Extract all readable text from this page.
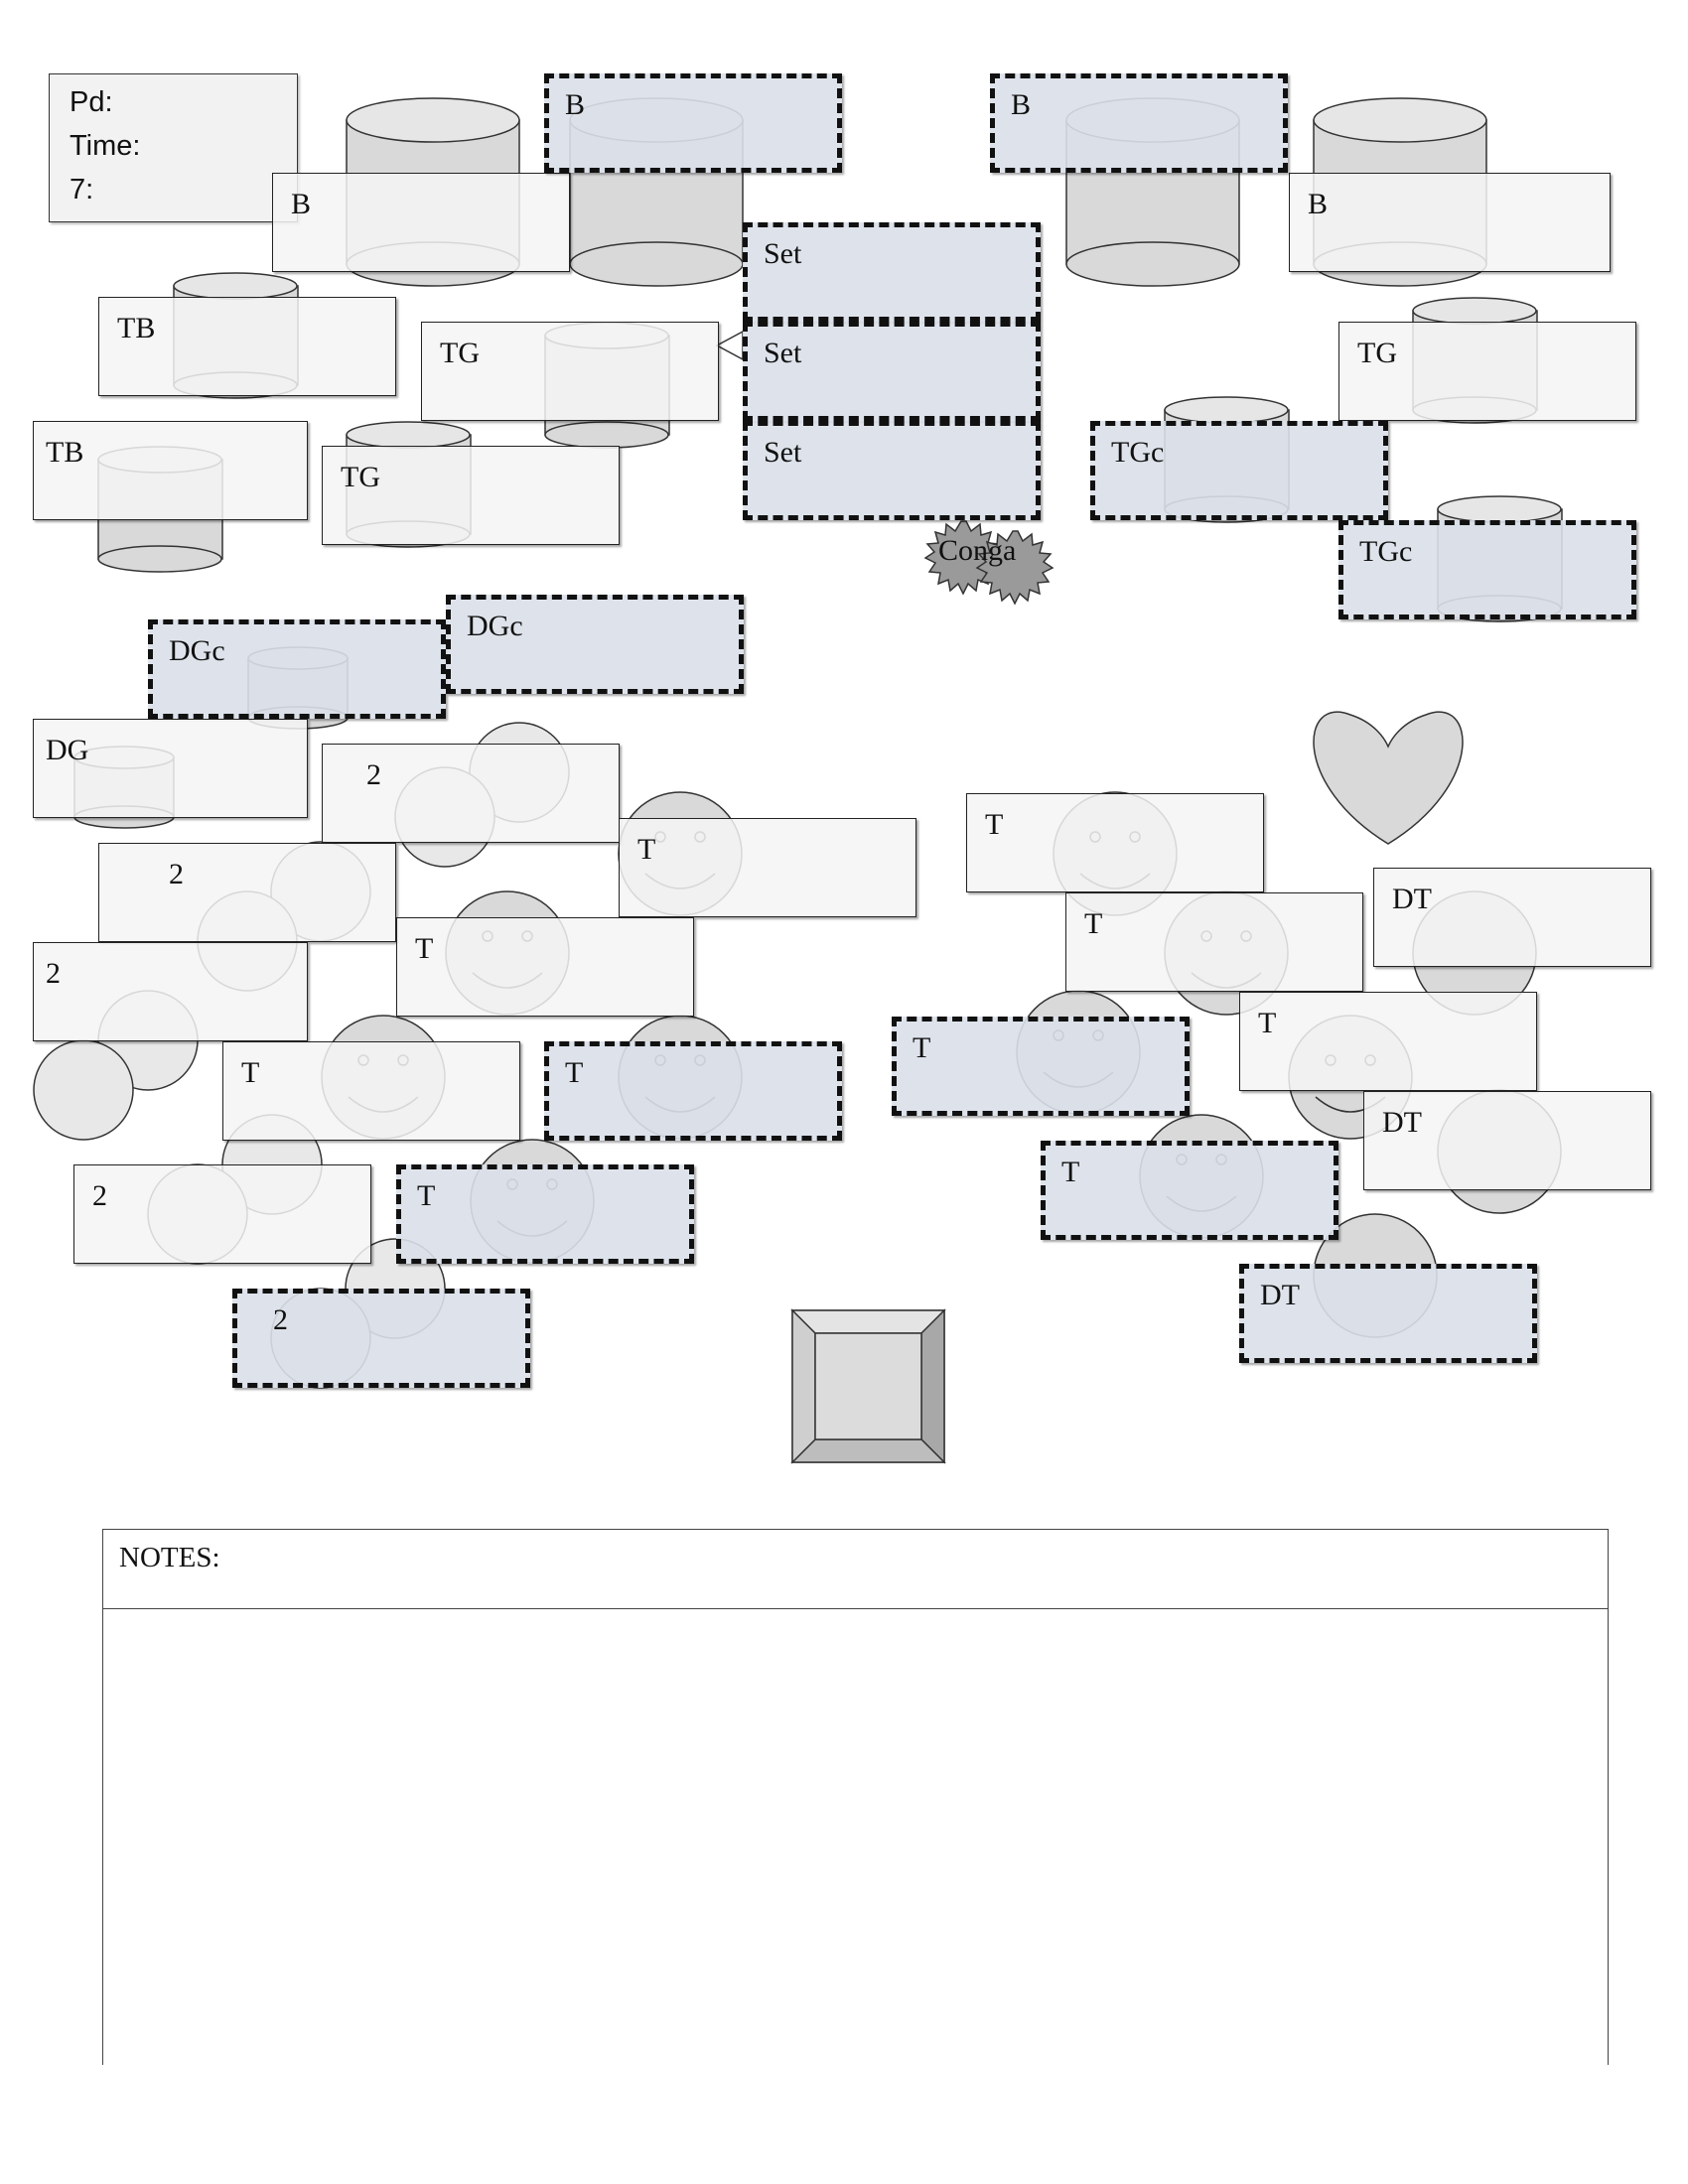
Pd:
Time:
7:	B
B	B
B
Set
Set
Set
TB
TB
TG
TG
TG
TGc
TGc
DGc
DGc
DG
2
2
2
2
2
T
T
T	T
T
T
T
T
T
T
DT
DT
DT
Conga
NOTES:
